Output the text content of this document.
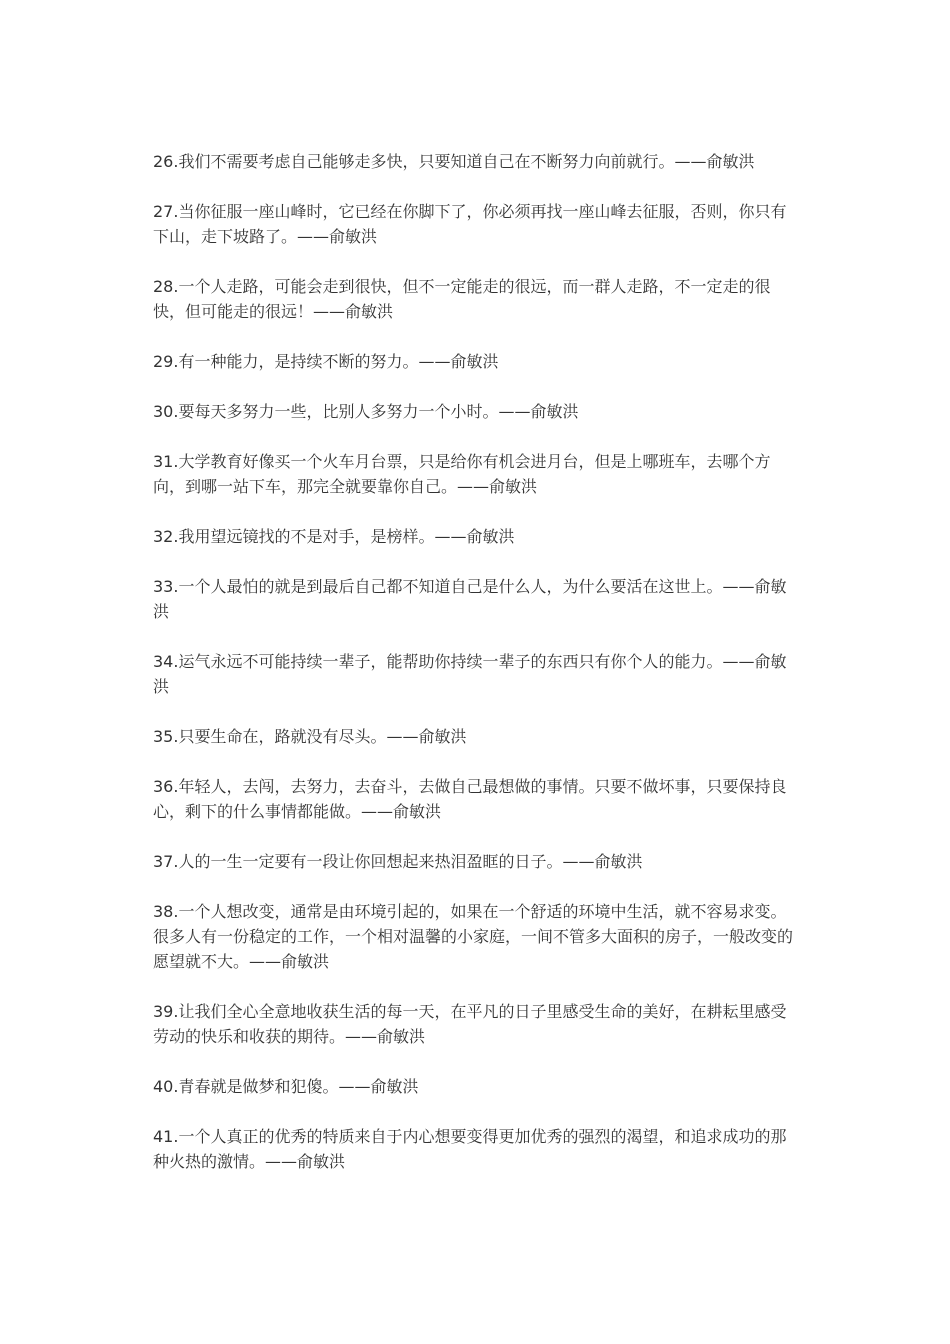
26.我们不需要考虑自己能够走多快，只要知道自己在不断努力向前就行。——俞敏洪

27.当你征服一座山峰时，它已经在你脚下了，你必须再找一座山峰去征服，否则，你只有下山，走下坡路了。——俞敏洪

28.一个人走路，可能会走到很快，但不一定能走的很远，而一群人走路，不一定走的很快，但可能走的很远！——俞敏洪

29.有一种能力，是持续不断的努力。——俞敏洪

30.要每天多努力一些，比别人多努力一个小时。——俞敏洪

31.大学教育好像买一个火车月台票，只是给你有机会进月台，但是上哪班车，去哪个方向，到哪一站下车，那完全就要靠你自己。——俞敏洪

32.我用望远镜找的不是对手，是榜样。——俞敏洪

33.一个人最怕的就是到最后自己都不知道自己是什么人，为什么要活在这世上。——俞敏洪

34.运气永远不可能持续一辈子，能帮助你持续一辈子的东西只有你个人的能力。——俞敏洪

35.只要生命在，路就没有尽头。——俞敏洪

36.年轻人，去闯，去努力，去奋斗，去做自己最想做的事情。只要不做坏事，只要保持良心，剩下的什么事情都能做。——俞敏洪

37.人的一生一定要有一段让你回想起来热泪盈眶的日子。——俞敏洪

38.一个人想改变，通常是由环境引起的，如果在一个舒适的环境中生活，就不容易求变。很多人有一份稳定的工作，一个相对温馨的小家庭，一间不管多大面积的房子，一般改变的愿望就不大。——俞敏洪

39.让我们全心全意地收获生活的每一天，在平凡的日子里感受生命的美好，在耕耘里感受劳动的快乐和收获的期待。——俞敏洪

40.青春就是做梦和犯傻。——俞敏洪

41.一个人真正的优秀的特质来自于内心想要变得更加优秀的强烈的渴望，和追求成功的那种火热的激情。——俞敏洪
